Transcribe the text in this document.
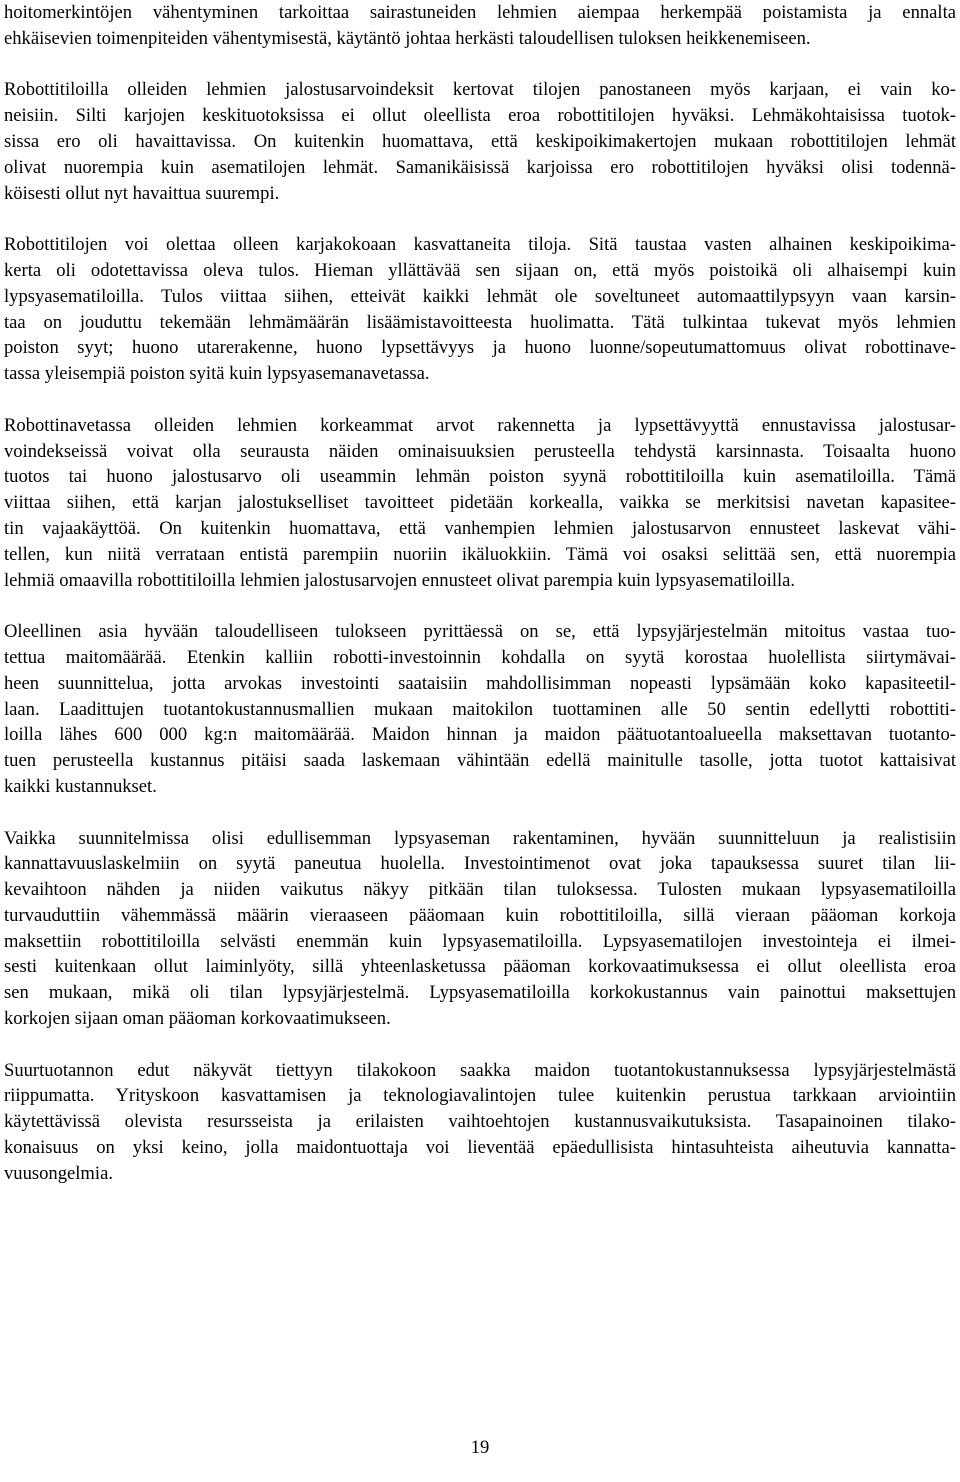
hoitomerkintöjen vähentyminen tarkoittaa sairastuneiden lehmien aiempaa herkempää poistamista ja ennalta
ehkäisevien toimenpiteiden vähentymisestä, käytäntö johtaa herkästi taloudellisen tuloksen heikkenemiseen.
Robottitiloilla olleiden lehmien jalostusarvoindeksit kertovat tilojen panostaneen myös karjaan, ei vain ko-
neisiin. Silti karjojen keskituotoksissa ei ollut oleellista eroa robottitilojen hyväksi. Lehmäkohtaisissa tuotok-
sissa ero oli havaittavissa. On kuitenkin huomattava, että keskipoikimakertojen mukaan robottitilojen lehmät
olivat nuorempia kuin asematilojen lehmät. Samanikäisissä karjoissa ero robottitilojen hyväksi olisi todennä-
köisesti ollut nyt havaittua suurempi.
Robottitilojen voi olettaa olleen karjakokoaan kasvattaneita tiloja. Sitä taustaa vasten alhainen keskipoikima-
kerta oli odotettavissa oleva tulos. Hieman yllättävää sen sijaan on, että myös poistoikä oli alhaisempi kuin
lypsyasematiloilla. Tulos viittaa siihen, etteivät kaikki lehmät ole soveltuneet automaattilypsyyn vaan karsin-
taa on jouduttu tekemään lehmämäärän lisäämistavoitteesta huolimatta. Tätä tulkintaa tukevat myös lehmien
poiston syyt; huono utarerakenne, huono lypsettävyys ja huono luonne/sopeutumattomuus olivat robottinave-
tassa yleisempiä poiston syitä kuin lypsyasemanavetassa.
Robottinavetassa olleiden lehmien korkeammat arvot rakennetta ja lypsettävyyttä ennustavissa jalostusar-
voindekseissä voivat olla seurausta näiden ominaisuuksien perusteella tehdystä karsinnasta. Toisaalta huono
tuotos tai huono jalostusarvo oli useammin lehmän poiston syynä robottitiloilla kuin asematiloilla. Tämä
viittaa siihen, että karjan jalostukselliset tavoitteet pidetään korkealla, vaikka se merkitsisi navetan kapasitee-
tin vajaakäyttöä. On kuitenkin huomattava, että vanhempien lehmien jalostusarvon ennusteet laskevat vähi-
tellen, kun niitä verrataan entistä parempiin nuoriin ikäluokkiin. Tämä voi osaksi selittää sen, että nuorempia
lehmiä omaavilla robottitiloilla lehmien jalostusarvojen ennusteet olivat parempia kuin lypsyasematiloilla.
Oleellinen asia hyvään taloudelliseen tulokseen pyrittäessä on se, että lypsyjärjestelmän mitoitus vastaa tuo-
tettua maitomäärää. Etenkin kalliin robotti-investoinnin kohdalla on syytä korostaa huolellista siirtymävai-
heen suunnittelua, jotta arvokas investointi saataisiin mahdollisimman nopeasti lypsämään koko kapasiteetil-
laan. Laadittujen tuotantokustannusmallien mukaan maitokilon tuottaminen alle 50 sentin edellytti robottiti-
loilla lähes 600 000 kg:n maitomäärää. Maidon hinnan ja maidon päätuotantoalueella maksettavan tuotanto-
tuen perusteella kustannus pitäisi saada laskemaan vähintään edellä mainitulle tasolle, jotta tuotot kattaisivat
kaikki kustannukset.
Vaikka suunnitelmissa olisi edullisemman lypsyaseman rakentaminen, hyvään suunnitteluun ja realistisiin
kannattavuuslaskelmiin on syytä paneutua huolella. Investointimenot ovat joka tapauksessa suuret tilan lii-
kevaihtoon nähden ja niiden vaikutus näkyy pitkään tilan tuloksessa. Tulosten mukaan lypsyasematiloilla
turvauduttiin vähemmässä määrin vieraaseen pääomaan kuin robottitiloilla, sillä vieraan pääoman korkoja
maksettiin robottitiloilla selvästi enemmän kuin lypsyasematiloilla. Lypsyasematilojen investointeja ei ilmei-
sesti kuitenkaan ollut laiminlyöty, sillä yhteenlasketussa pääoman korkovaatimuksessa ei ollut oleellista eroa
sen mukaan, mikä oli tilan lypsyjärjestelmä. Lypsyasematiloilla korkokustannus vain painottui maksettujen
korkojen sijaan oman pääoman korkovaatimukseen.
Suurtuotannon edut näkyvät tiettyyn tilakokoon saakka maidon tuotantokustannuksessa lypsyjärjestelmästä
riippumatta. Yrityskoon kasvattamisen ja teknologiavalintojen tulee kuitenkin perustua tarkkaan arviointiin
käytettävissä olevista resursseista ja erilaisten vaihtoehtojen kustannusvaikutuksista. Tasapainoinen tilako-
konaisuus on yksi keino, jolla maidontuottaja voi lieventää epäedullisista hintasuhteista aiheutuvia kannatta-
vuusongelmia.
19
